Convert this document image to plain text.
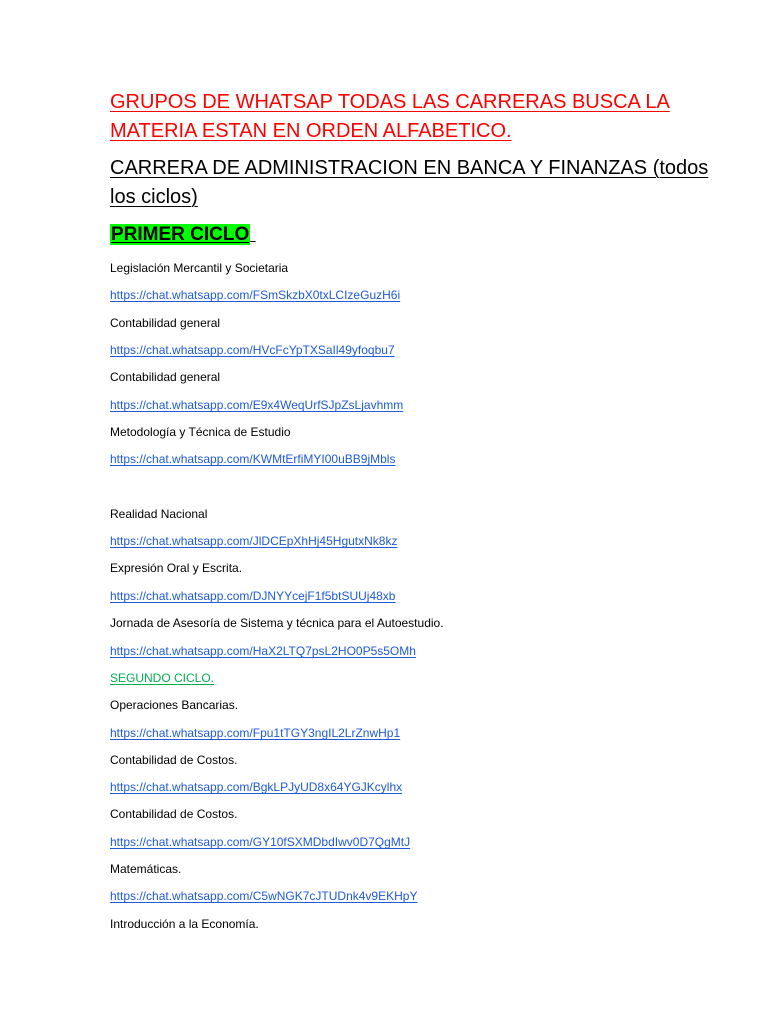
GRUPOS DE WHATSAP TODAS LAS CARRERAS BUSCA LA MATERIA ESTAN EN ORDEN ALFABETICO.
CARRERA DE ADMINISTRACION EN BANCA Y FINANZAS (todos los ciclos)
PRIMER CICLO
Legislación Mercantil y Societaria
https://chat.whatsapp.com/FSmSkzbX0txLCIzeGuzH6i
Contabilidad general
https://chat.whatsapp.com/HVcFcYpTXSaIl49yfoqbu7
Contabilidad general
https://chat.whatsapp.com/E9x4WeqUrfSJpZsLjavhmm
Metodología y Técnica de Estudio
https://chat.whatsapp.com/KWMtErfiMYI00uBB9jMbls
Realidad Nacional
https://chat.whatsapp.com/JlDCEpXhHj45HgutxNk8kz
Expresión Oral y Escrita.
https://chat.whatsapp.com/DJNYYcejF1f5btSUUj48xb
Jornada de Asesoría de Sistema y técnica para el Autoestudio.
https://chat.whatsapp.com/HaX2LTQ7psL2HO0P5s5OMh
SEGUNDO CICLO.
Operaciones Bancarias.
https://chat.whatsapp.com/Fpu1tTGY3ngIL2LrZnwHp1
Contabilidad de Costos.
https://chat.whatsapp.com/BgkLPJyUD8x64YGJKcylhx
Contabilidad de Costos.
https://chat.whatsapp.com/GY10fSXMDbdIwv0D7QgMtJ
Matemáticas.
https://chat.whatsapp.com/C5wNGK7cJTUDnk4v9EKHpY
Introducción a la Economía.
